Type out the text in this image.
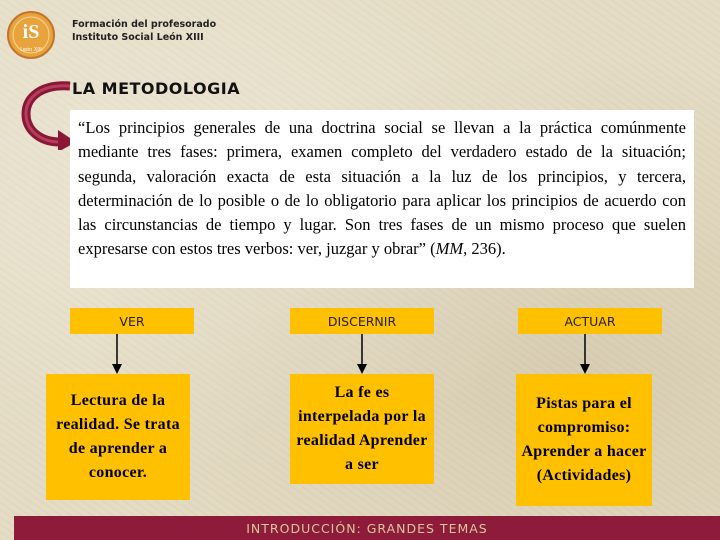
iS
León XIII
Formación del profesorado
Instituto Social León XIII
LA METODOLOGIA
“Los principios generales de una doctrina social se llevan a la práctica comúnmente mediante tres fases: primera, examen completo del verdadero estado de la situación; segunda, valoración exacta de esta situación a la luz de los principios, y tercera, determinación de lo posible o de lo obligatorio para aplicar los principios de acuerdo con las circunstancias de tiempo y lugar. Son tres fases de un mismo proceso que suelen expresarse con estos tres verbos: ver, juzgar y obrar” (MM, 236).
VER
Lectura de la realidad. Se trata de aprender a conocer.
DISCERNIR
La fe es interpelada por la realidad Aprender a ser
ACTUAR
Pistas para el compromiso: Aprender a hacer (Actividades)
INTRODUCCIÓN: GRANDES TEMAS
